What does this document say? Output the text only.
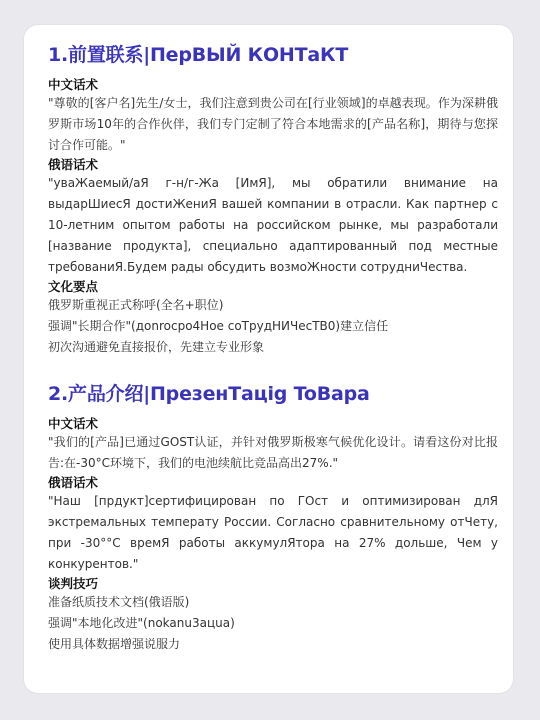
1.前置联系|ПерВЫЙ КОНТаКТ

中文话术

"尊敬的[客户名]先生/女士，我们注意到贵公司在[行业领域]的卓越表现。作为深耕俄罗斯市场10年的合作伙伴，我们专门定制了符合本地需求的[产品名称]，期待与您探讨合作可能。"

俄语话术

"уваЖаемый/аЯ г-н/г-Жа [ИмЯ], мы обратили внимание на выдарШиесЯ достиЖениЯ вашей компании в отрасли. Как партнер с 10-летним опытом работы на российском рынке, мы разработали [название продукта], специально адаптированный под местные требованиЯ.Будем рады обсудить возмоЖности сотрудниЧества.

文化要点

俄罗斯重视正式称呼(全名+职位)

强调"长期合作"(дonrocpo4Hoe coТрудНИЧесТВ0)建立信任

初次沟通避免直接报价，先建立专业形象

2.产品介绍|ПрезенТацig ToBapa

中文话术

"我们的[产品]已通过GOST认证，并针对俄罗斯极寒气候优化设计。请看这份对比报告:在-30°C环境下，我们的电池续航比竞品高出27%."

俄语话术

"Наш [прдукт]сертифицирован по ГОст и оптимизирован длЯ экстремальных температу России. Согласно сравнительному отЧету, при -30°°C времЯ работы аккумулЯтора на 27% дольше, Чем у конкурентов."

谈判技巧

准备纸质技术文档(俄语版)

强调"本地化改进"(nokanu3aцua)

使用具体数据增强说服力
